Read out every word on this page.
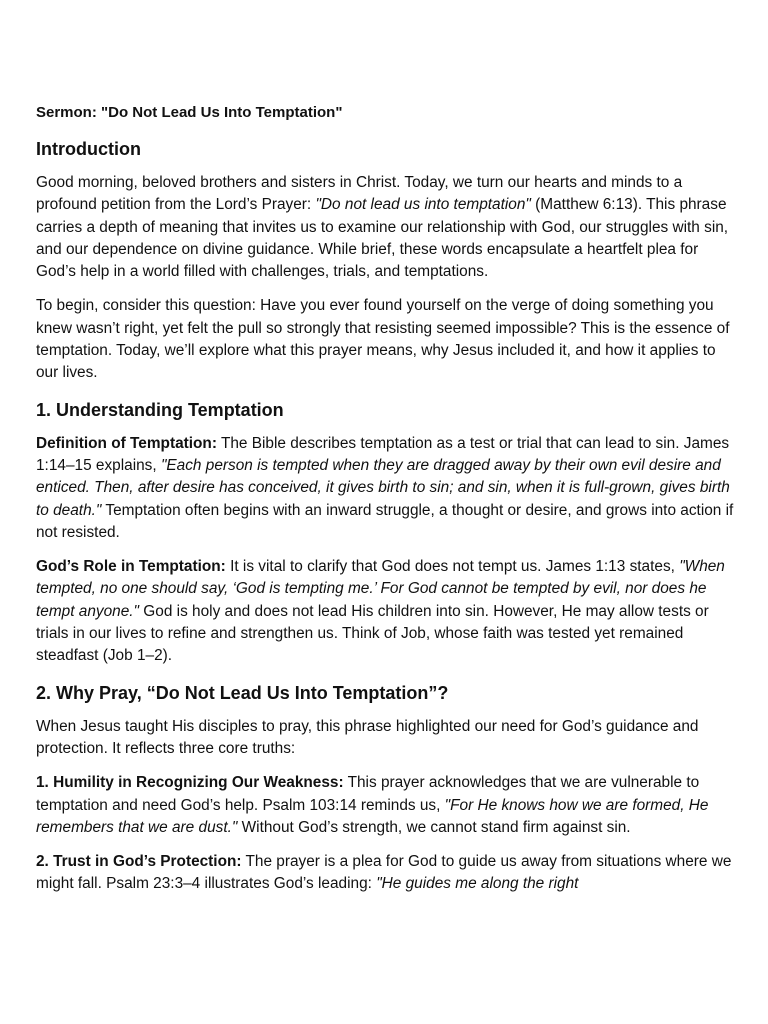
Sermon: "Do Not Lead Us Into Temptation"
Introduction

Good morning, beloved brothers and sisters in Christ. Today, we turn our hearts and minds to a profound petition from the Lord’s Prayer: "Do not lead us into temptation" (Matthew 6:13). This phrase carries a depth of meaning that invites us to examine our relationship with God, our struggles with sin, and our dependence on divine guidance. While brief, these words encapsulate a heartfelt plea for God’s help in a world filled with challenges, trials, and temptations.

To begin, consider this question: Have you ever found yourself on the verge of doing something you knew wasn’t right, yet felt the pull so strongly that resisting seemed impossible? This is the essence of temptation. Today, we’ll explore what this prayer means, why Jesus included it, and how it applies to our lives.

1. Understanding Temptation

Definition of Temptation: The Bible describes temptation as a test or trial that can lead to sin. James 1:14–15 explains, "Each person is tempted when they are dragged away by their own evil desire and enticed. Then, after desire has conceived, it gives birth to sin; and sin, when it is full-grown, gives birth to death." Temptation often begins with an inward struggle, a thought or desire, and grows into action if not resisted.

God’s Role in Temptation: It is vital to clarify that God does not tempt us. James 1:13 states, "When tempted, no one should say, ‘God is tempting me.’ For God cannot be tempted by evil, nor does he tempt anyone." God is holy and does not lead His children into sin. However, He may allow tests or trials in our lives to refine and strengthen us. Think of Job, whose faith was tested yet remained steadfast (Job 1–2).

2. Why Pray, “Do Not Lead Us Into Temptation”?

When Jesus taught His disciples to pray, this phrase highlighted our need for God’s guidance and protection. It reflects three core truths:

1. Humility in Recognizing Our Weakness: This prayer acknowledges that we are vulnerable to temptation and need God’s help. Psalm 103:14 reminds us, "For He knows how we are formed, He remembers that we are dust." Without God’s strength, we cannot stand firm against sin.

2. Trust in God’s Protection: The prayer is a plea for God to guide us away from situations where we might fall. Psalm 23:3–4 illustrates God’s leading: "He guides me along the right
